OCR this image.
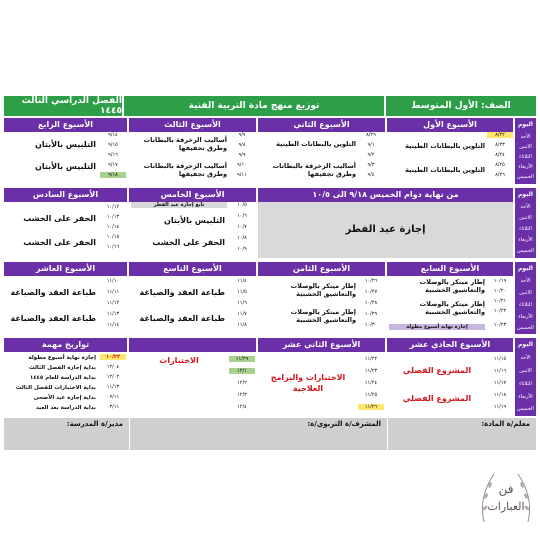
الفصل الدراسي الثالث ١٤٤٥	توزيع منهج مادة التربية الفنية	الصف: الأول المتوسط
اليوم
الأحد
الاثنين
الثلاثاء
الأربعاء
الخميس
الأسبوع الأول
٨/٢٢
٨/٢٣
٨/٢٤
٨/٢٥
٨/٢٦
التلوين بالبطانات الطينية
التلوين بالبطانات الطينية
الأسبوع الثاني
٨/٢٩
٩/١
٩/٢
٩/٣
٩/٤
التلوين بالبطانات الطينية
أساليب الزخرفة بالبطانات وطرق تجفيفها
الأسبوع الثالث
٩/٧
٩/٨
٩/٩
٩/١٠
٩/١١
أساليب الزخرفة بالبطانات وطرق تجفيفها
أساليب الزخرفة بالبطانات وطرق تجفيفها
الأسبوع الرابع
٩/١٤
٩/١٥
٩/١٦
٩/١٧
٩/١٨
التلبيس بالأبتان
التلبيس بالأبتان
اليوم
الأحد
الاثنين
الثلاثاء
الأربعاء
الخميس
من نهاية دوام الخميس ٩/١٨ الى ١٠/٥
إجازة عيد الفطر
الأسبوع الخامس
١٠/٥
١٠/٦
١٠/٧
١٠/٨
١٠/٩
تابع إجازة عيد الفطر
التلبيس بالأبتان
الحفر على الخشب
الأسبوع السادس
١٠/١٢
١٠/١٣
١٠/١٤
١٠/١٥
١٠/١٦
الحفر على الخشب
الحفر على الخشب
اليوم
الأحد
الاثنين
الثلاثاء
الأربعاء
الخميس
الأسبوع السابع
١٠/١٩
١٠/٢٠
١٠/٢١
١٠/٢٢
١٠/٢٣
إطار ميتكر بالوصلات والتعاشيق الخشبية
إطار ميتكر بالوصلات والتعاشيق الخشبية
إجازة نهاية أسبوع مطولة
الأسبوع الثامن
١٠/٢٦
١٠/٢٧
١٠/٢٨
١٠/٢٩
١٠/٣٠
إطار ميتكر بالوصلات والتعاشيق الخشبية
إطار ميتكر بالوصلات والتعاشيق الخشبية
الأسبوع التاسع
١١/٤
١١/٥
١١/٦
١١/٧
١١/٨
طباعة العقد والصباغة
طباعة العقد والصباغة
الأسبوع العاشر
١١/١٠
١١/١١
١١/١٢
١١/١٣
١١/١٤
طباعة العقد والصباغة
طباعة العقد والصباغة
اليوم
الأحد
الاثنين
الثلاثاء
الأربعاء
الخميس
الأسبوع الحادي عشر
١١/١٥
١١/١٦
١١/١٧
١١/١٨
١١/١٩
المشروع الفصلي
المشروع الفصلي
الأسبوع الثاني عشر
١١/٢٢
١١/٢٣
١١/٢٤
١١/٢٥
١١/٢٦
الاختبارات والبرامج العلاجية
١١/٢٩
١٢/١
١٢/٢
١٢/٣
١٢/٤
الاختبارات
تواريخ مهمة
١٠/٢٣
إجازة نهاية أسبوع مطولة
١٢/٠٤
بداية إجازة الفصل الثالث
١٢/٠٢
بداية الدراسة للعام ١٤٤٥
١١/١٣
بداية الاختبارات للفصل الثالث
٠٧/١١
بداية إجازة عيد الأضحى
٠٣/١١
بداية الدراسة بعد العيد
معلم/ة المادة:
المشرف/ة التربوي/ة:
مدير/ة المدرسة:
فن
العبارات
